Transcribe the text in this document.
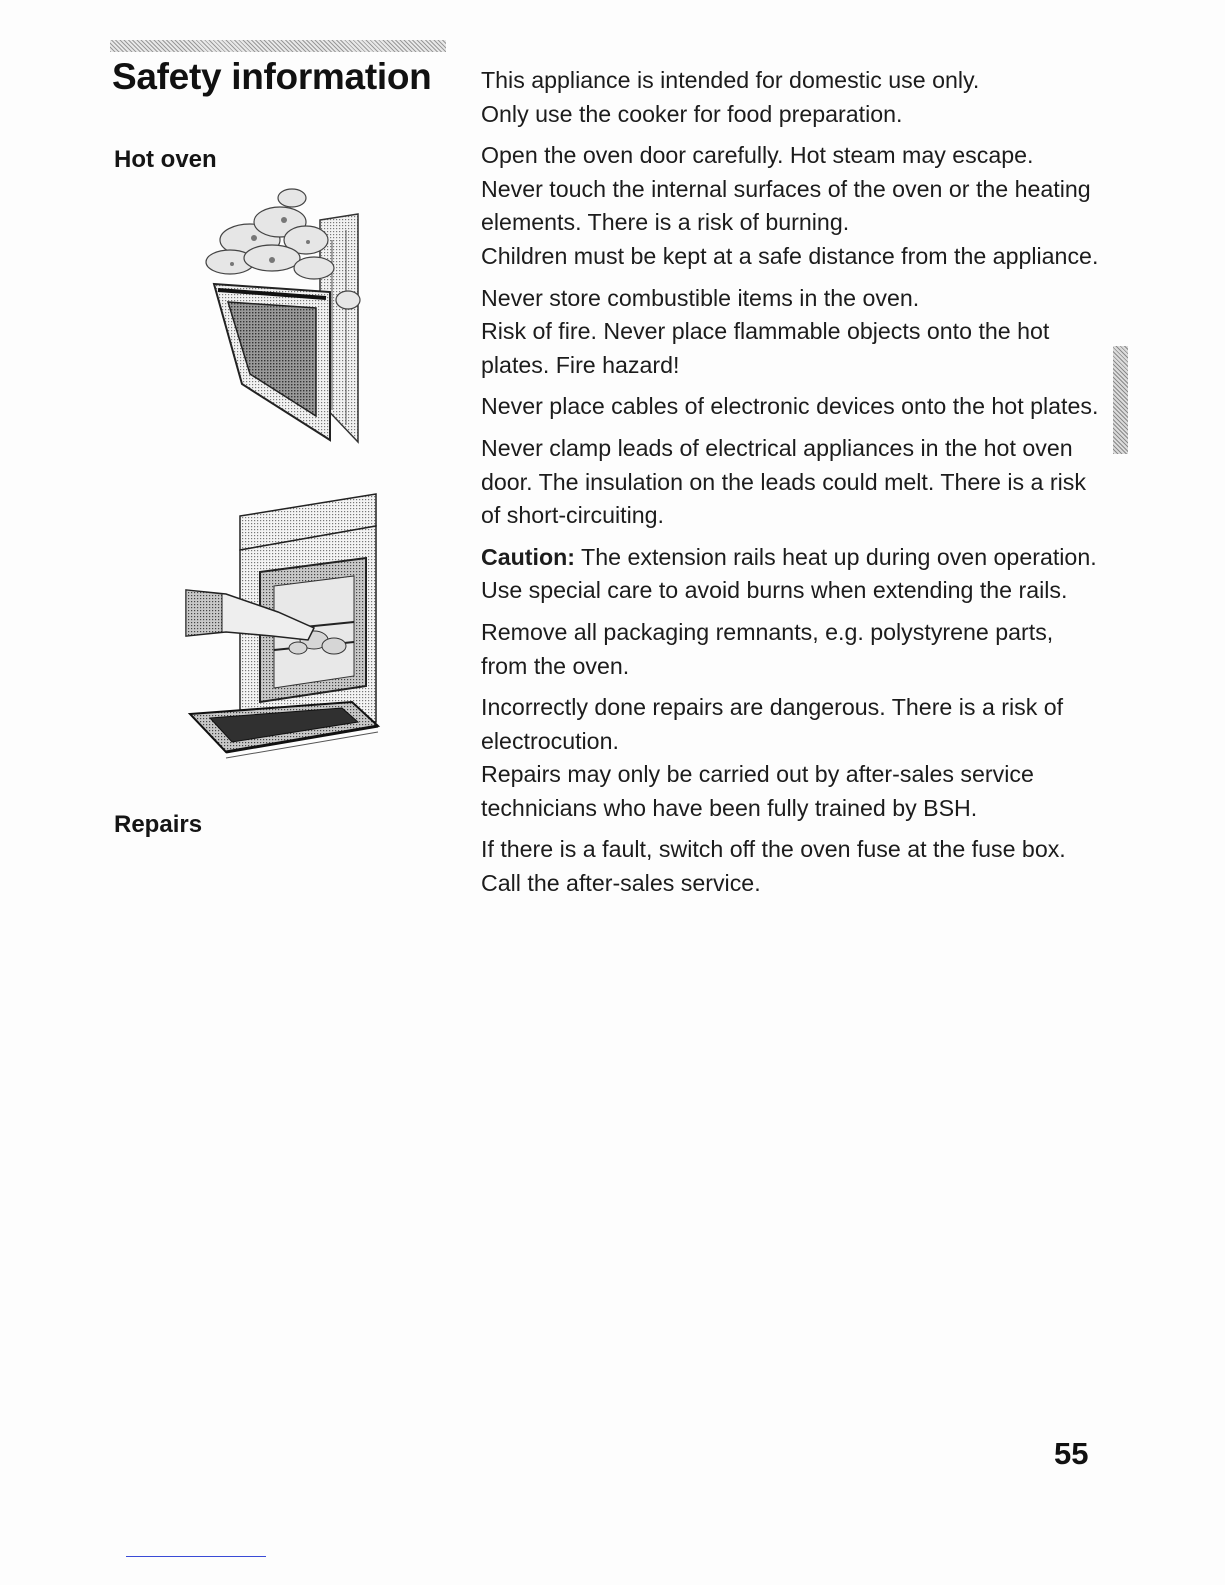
Safety information
Hot oven
Repairs

This appliance is intended for domestic use only.

Only use the cooker for food preparation.

Open the oven door carefully. Hot steam may escape. Never touch the internal surfaces of the oven or the heating elements. There is a risk of burning.

Children must be kept at a safe distance from the appliance.

Never store combustible items in the oven.

Risk of fire. Never place flammable objects onto the hot plates. Fire hazard!

Never place cables of electronic devices onto the hot plates.

Never clamp leads of electrical appliances in the hot oven door. The insulation on the leads could melt. There is a risk of short-circuiting.

Caution: The extension rails heat up during oven operation. Use special care to avoid burns when extending the rails.

Remove all packaging remnants, e.g. polystyrene parts, from the oven.

Incorrectly done repairs are dangerous. There is a risk of electrocution.

Repairs may only be carried out by after-sales service technicians who have been fully trained by BSH.

If there is a fault, switch off the oven fuse at the fuse box.

Call the after-sales service.

55
